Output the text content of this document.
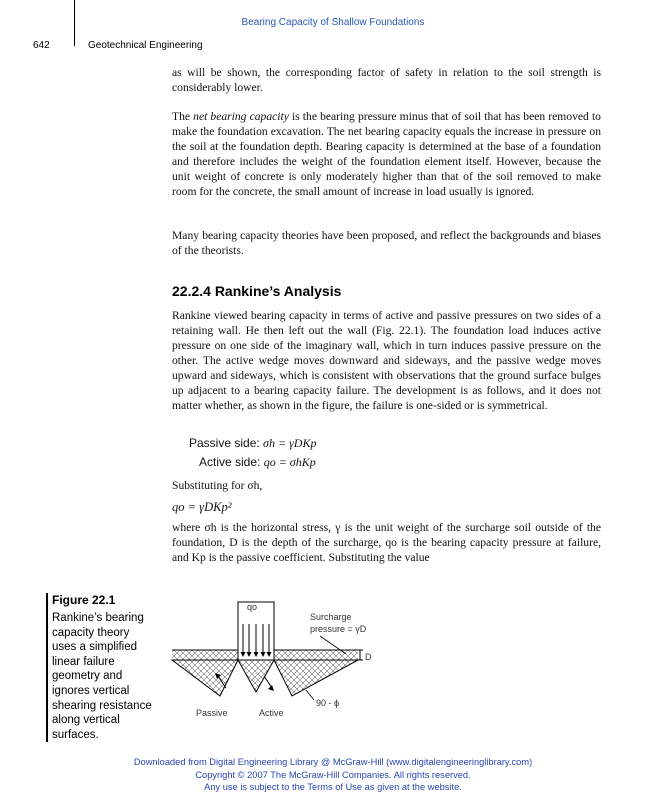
Bearing Capacity of Shallow Foundations
642	Geotechnical Engineering

as will be shown, the corresponding factor of safety in relation to the soil strength is considerably lower.

The net bearing capacity is the bearing pressure minus that of soil that has been removed to make the foundation excavation. The net bearing capacity equals the increase in pressure on the soil at the foundation depth. Bearing capacity is determined at the base of a foundation and therefore includes the weight of the foundation element itself. However, because the unit weight of concrete is only moderately higher than that of the soil removed to make room for the concrete, the small amount of increase in load usually is ignored.

Many bearing capacity theories have been proposed, and reflect the backgrounds and biases of the theorists.

22.2.4 Rankine’s Analysis

Rankine viewed bearing capacity in terms of active and passive pressures on two sides of a retaining wall. He then left out the wall (Fig. 22.1). The foundation load induces active pressure on one side of the imaginary wall, which in turn induces passive pressure on the other. The active wedge moves downward and sideways, and the passive wedge moves upward and sideways, which is consistent with observations that the ground surface bulges up adjacent to a bearing capacity failure. The development is as follows, and it does not matter whether, as shown in the figure, the failure is one-sided or is symmetrical.

Passive side: σh = γDKp
Active side: qo = σhKp

Substituting for σh,

qo = γDKp²

where σh is the horizontal stress, γ is the unit weight of the surcharge soil outside of the foundation, D is the depth of the surcharge, qo is the bearing capacity pressure at failure, and Kp is the passive coefficient. Substituting the value

Figure 22.1
Rankine’s bearing capacity theory uses a simplified linear failure geometry and ignores vertical shearing resistance along vertical surfaces.
qo
Surcharge
pressure = γD
D
90 - ϕ
Passive	Active
Downloaded from Digital Engineering Library @ McGraw-Hill (www.digitalengineeringlibrary.com)
Copyright © 2007 The McGraw-Hill Companies. All rights reserved.
Any use is subject to the Terms of Use as given at the website.
